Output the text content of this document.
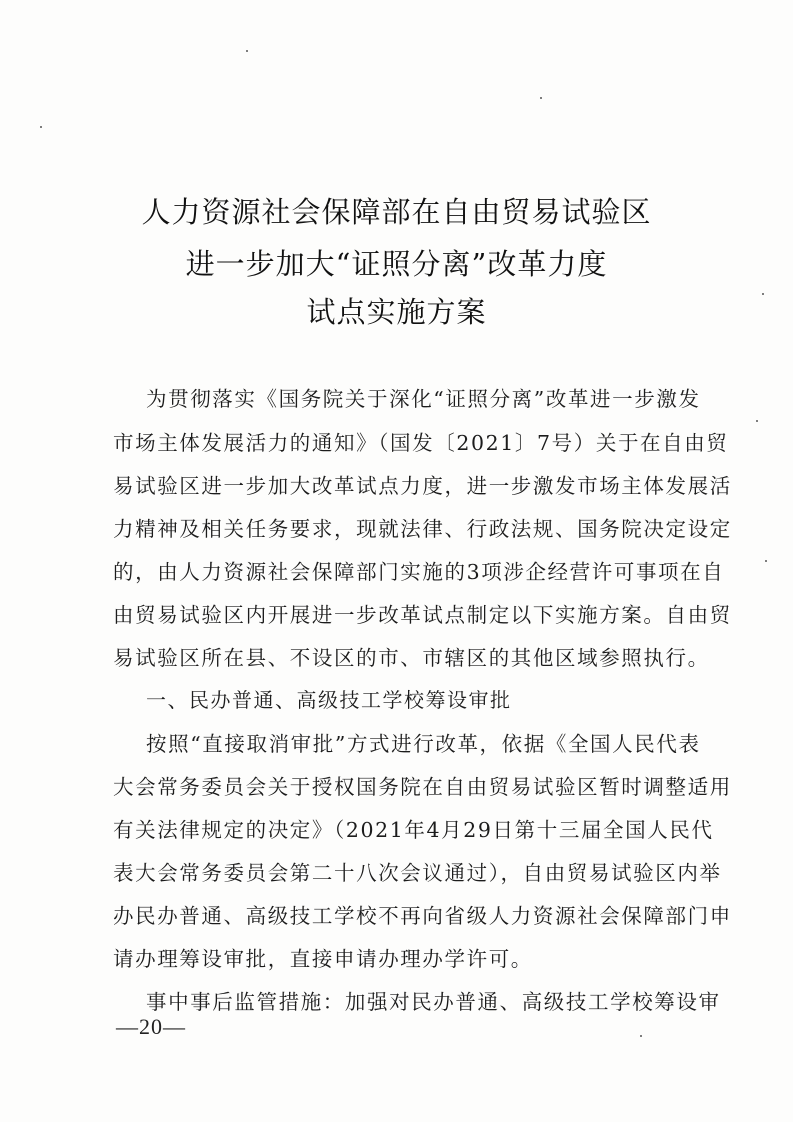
人力资源社会保障部在自由贸易试验区
进一步加大“证照分离”改革力度
试点实施方案
为贯彻落实《国务院关于深化“证照分离”改革进一步激发
市场主体发展活力的通知》（国发〔2021〕7号）关于在自由贸
易试验区进一步加大改革试点力度，进一步激发市场主体发展活
力精神及相关任务要求，现就法律、行政法规、国务院决定设定
的，由人力资源社会保障部门实施的3项涉企经营许可事项在自
由贸易试验区内开展进一步改革试点制定以下实施方案。自由贸
易试验区所在县、不设区的市、市辖区的其他区域参照执行。
一、民办普通、高级技工学校筹设审批
按照“直接取消审批”方式进行改革，依据《全国人民代表
大会常务委员会关于授权国务院在自由贸易试验区暂时调整适用
有关法律规定的决定》（2021年4月29日第十三届全国人民代
表大会常务委员会第二十八次会议通过），自由贸易试验区内举
办民办普通、高级技工学校不再向省级人力资源社会保障部门申
请办理筹设审批，直接申请办理办学许可。
事中事后监管措施：加强对民办普通、高级技工学校筹设审
—20—
